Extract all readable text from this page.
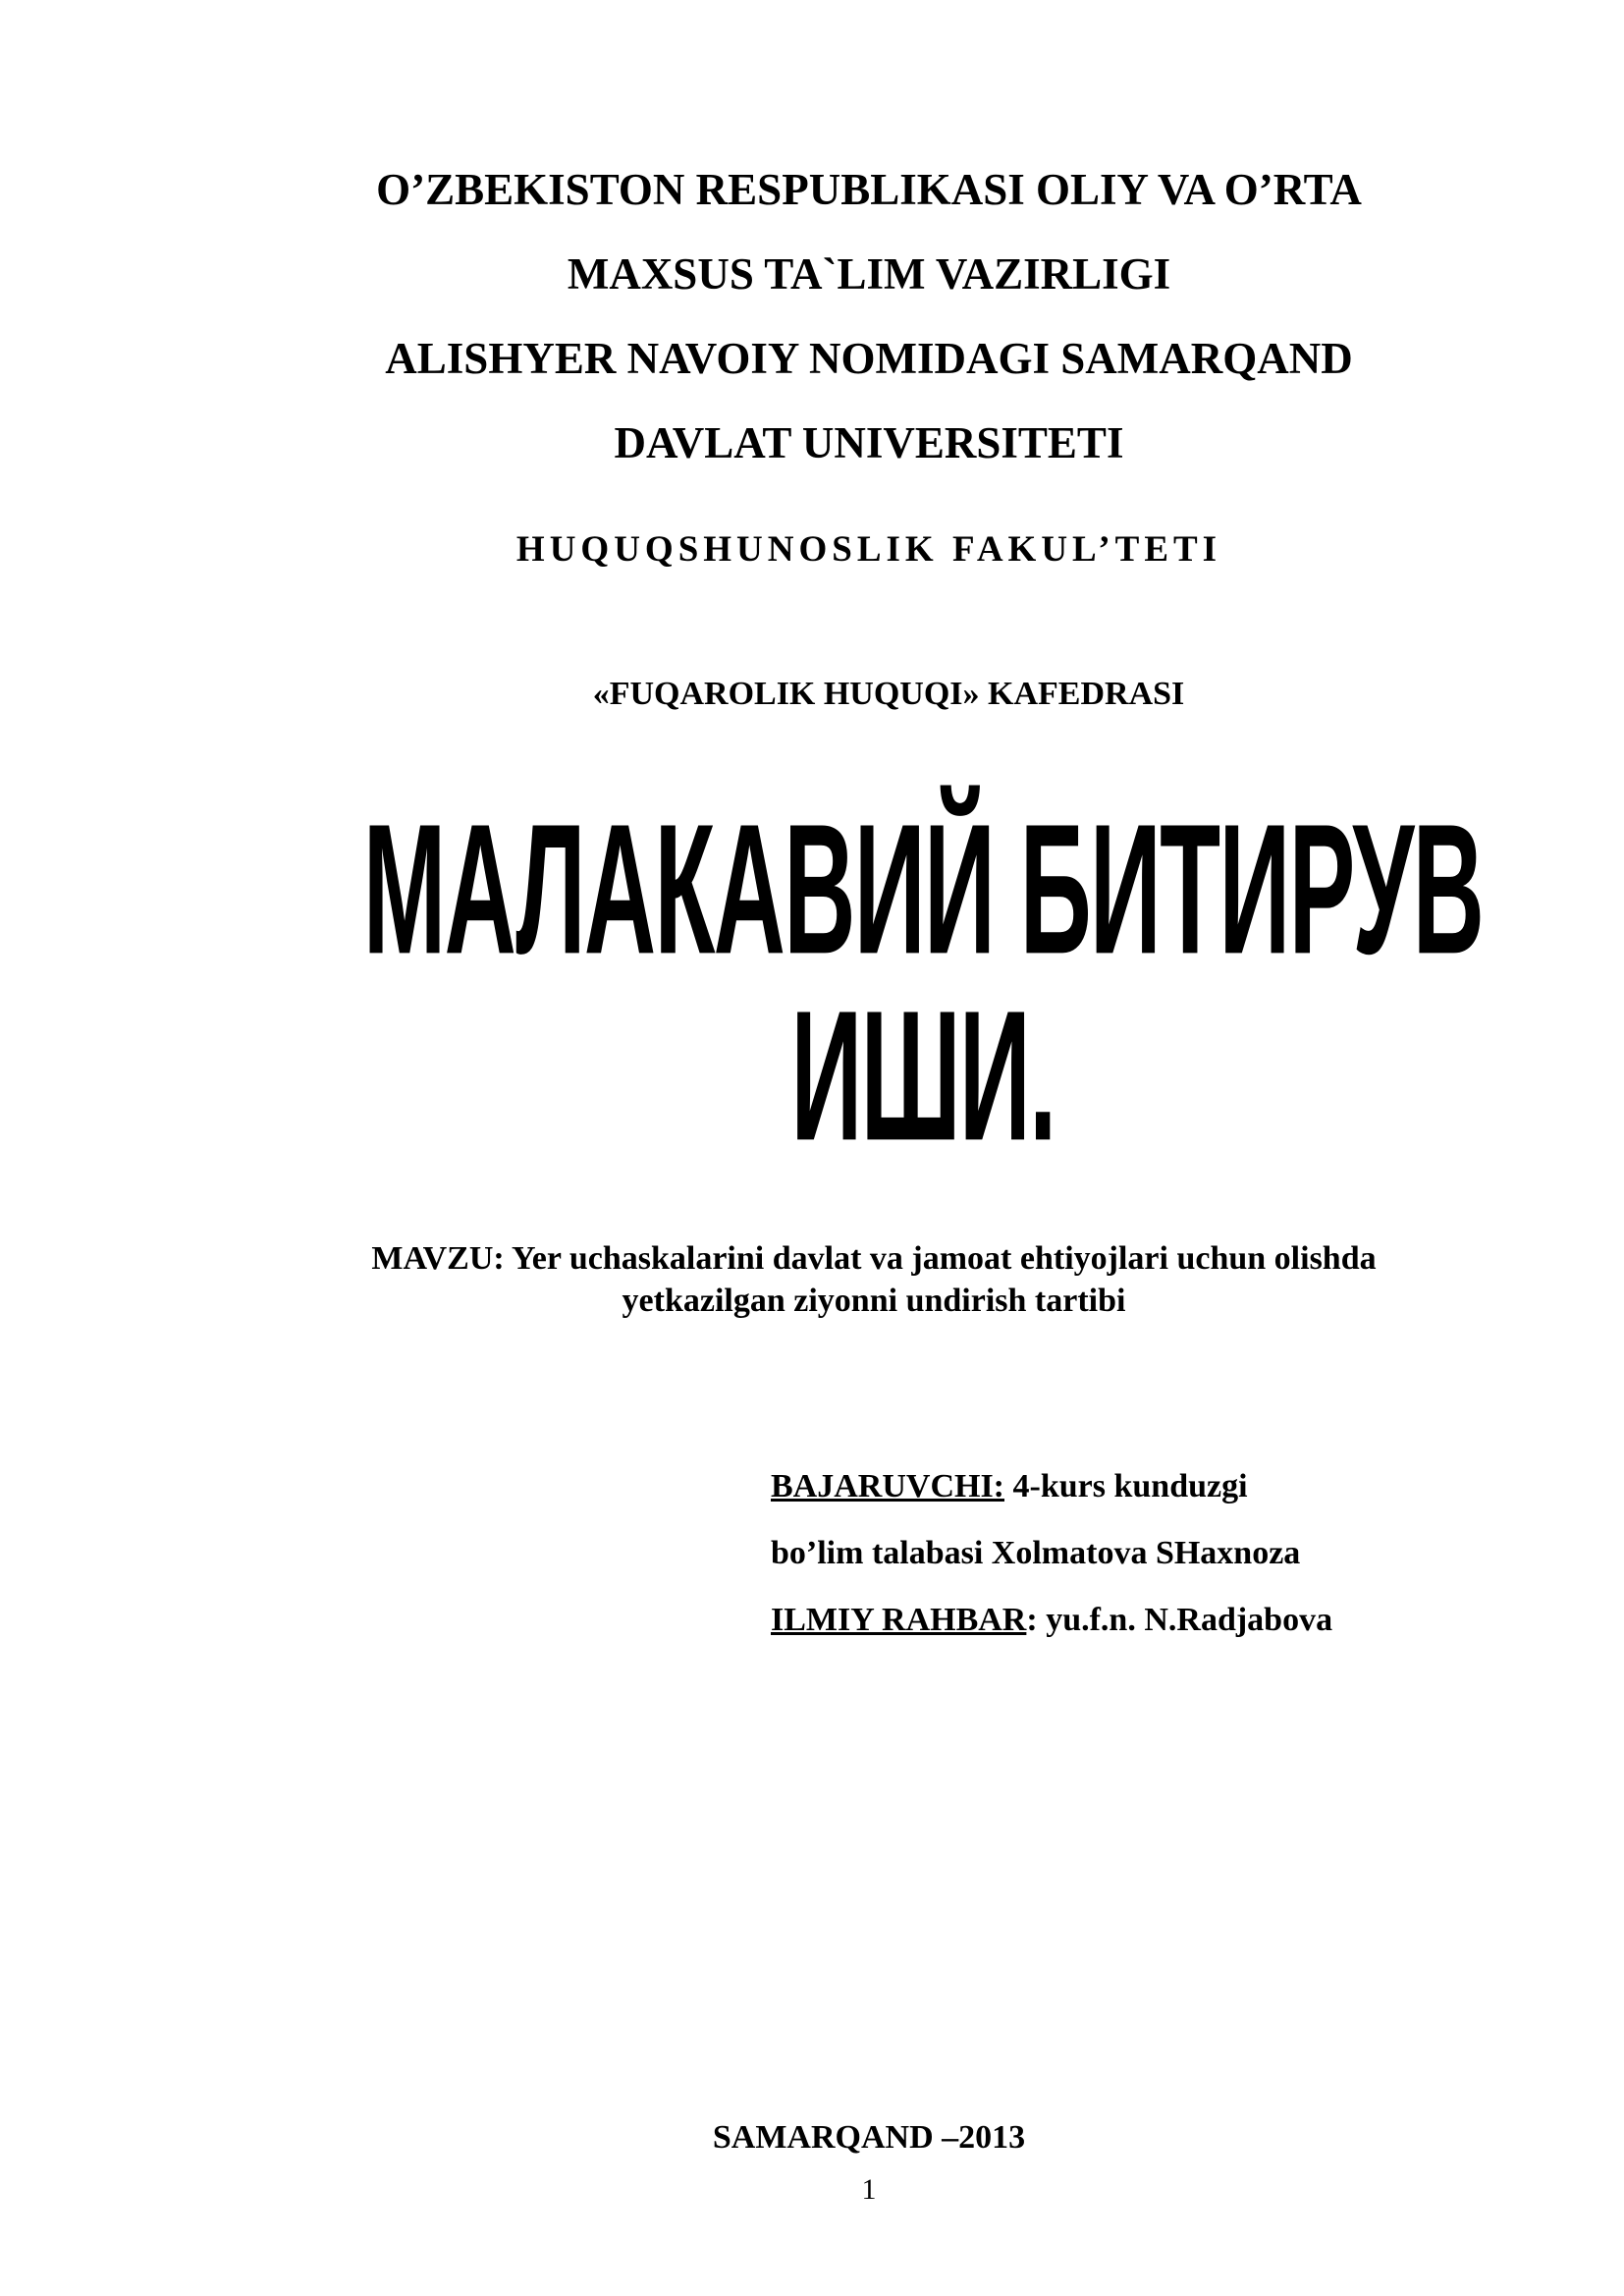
O’ZBEKISTON RESPUBLIKASI OLIY VA O’RTA
MAXSUS TA`LIM VAZIRLIGI
ALISHYER NAVOIY NOMIDAGI SAMARQAND
DAVLAT UNIVERSITETI
HUQUQSHUNOSLIK FAKUL’TETI
«FUQAROLIK HUQUQI» KAFEDRASI
МАЛАКАВИЙ БИТИРУВ
ИШИ.
MAVZU: Yer uchaskalarini davlat va jamoat ehtiyojlari uchun olishda
yetkazilgan ziyonni undirish tartibi
BAJARUVCHI: 4-kurs kunduzgi
bo’lim talabasi Xolmatova SHaxnoza
ILMIY RAHBAR: yu.f.n. N.Radjabova
SAMARQAND –2013
1
